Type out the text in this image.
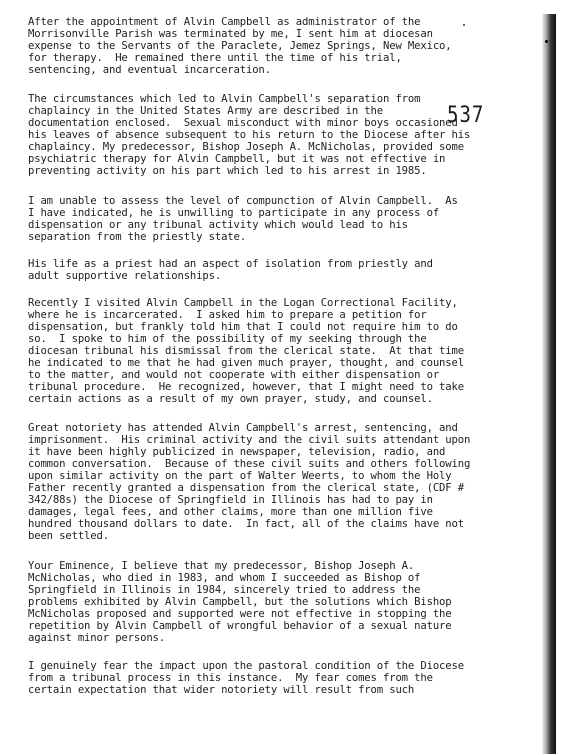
537
After the appointment of Alvin Campbell as administrator of the
Morrisonville Parish was terminated by me, I sent him at diocesan
expense to the Servants of the Paraclete, Jemez Springs, New Mexico,
for therapy.  He remained there until the time of his trial,
sentencing, and eventual incarceration.
The circumstances which led to Alvin Campbell's separation from
chaplaincy in the United States Army are described in the
documentation enclosed.  Sexual misconduct with minor boys occasioned
his leaves of absence subsequent to his return to the Diocese after his
chaplaincy. My predecessor, Bishop Joseph A. McNicholas, provided some
psychiatric therapy for Alvin Campbell, but it was not effective in
preventing activity on his part which led to his arrest in 1985.
I am unable to assess the level of compunction of Alvin Campbell.  As
I have indicated, he is unwilling to participate in any process of
dispensation or any tribunal activity which would lead to his
separation from the priestly state.
His life as a priest had an aspect of isolation from priestly and
adult supportive relationships.
Recently I visited Alvin Campbell in the Logan Correctional Facility,
where he is incarcerated.  I asked him to prepare a petition for
dispensation, but frankly told him that I could not require him to do
so.  I spoke to him of the possibility of my seeking through the
diocesan tribunal his dismissal from the clerical state.  At that time
he indicated to me that he had given much prayer, thought, and counsel
to the matter, and would not cooperate with either dispensation or
tribunal procedure.  He recognized, however, that I might need to take
certain actions as a result of my own prayer, study, and counsel.
Great notoriety has attended Alvin Campbell's arrest, sentencing, and
imprisonment.  His criminal activity and the civil suits attendant upon
it have been highly publicized in newspaper, television, radio, and
common conversation.  Because of these civil suits and others following
upon similar activity on the part of Walter Weerts, to whom the Holy
Father recently granted a dispensation from the clerical state, (CDF #
342/88s) the Diocese of Springfield in Illinois has had to pay in
damages, legal fees, and other claims, more than one million five
hundred thousand dollars to date.  In fact, all of the claims have not
been settled.
Your Eminence, I believe that my predecessor, Bishop Joseph A.
McNicholas, who died in 1983, and whom I succeeded as Bishop of
Springfield in Illinois in 1984, sincerely tried to address the
problems exhibited by Alvin Campbell, but the solutions which Bishop
McNicholas proposed and supported were not effective in stopping the
repetition by Alvin Campbell of wrongful behavior of a sexual nature
against minor persons.
I genuinely fear the impact upon the pastoral condition of the Diocese
from a tribunal process in this instance.  My fear comes from the
certain expectation that wider notoriety will result from such
